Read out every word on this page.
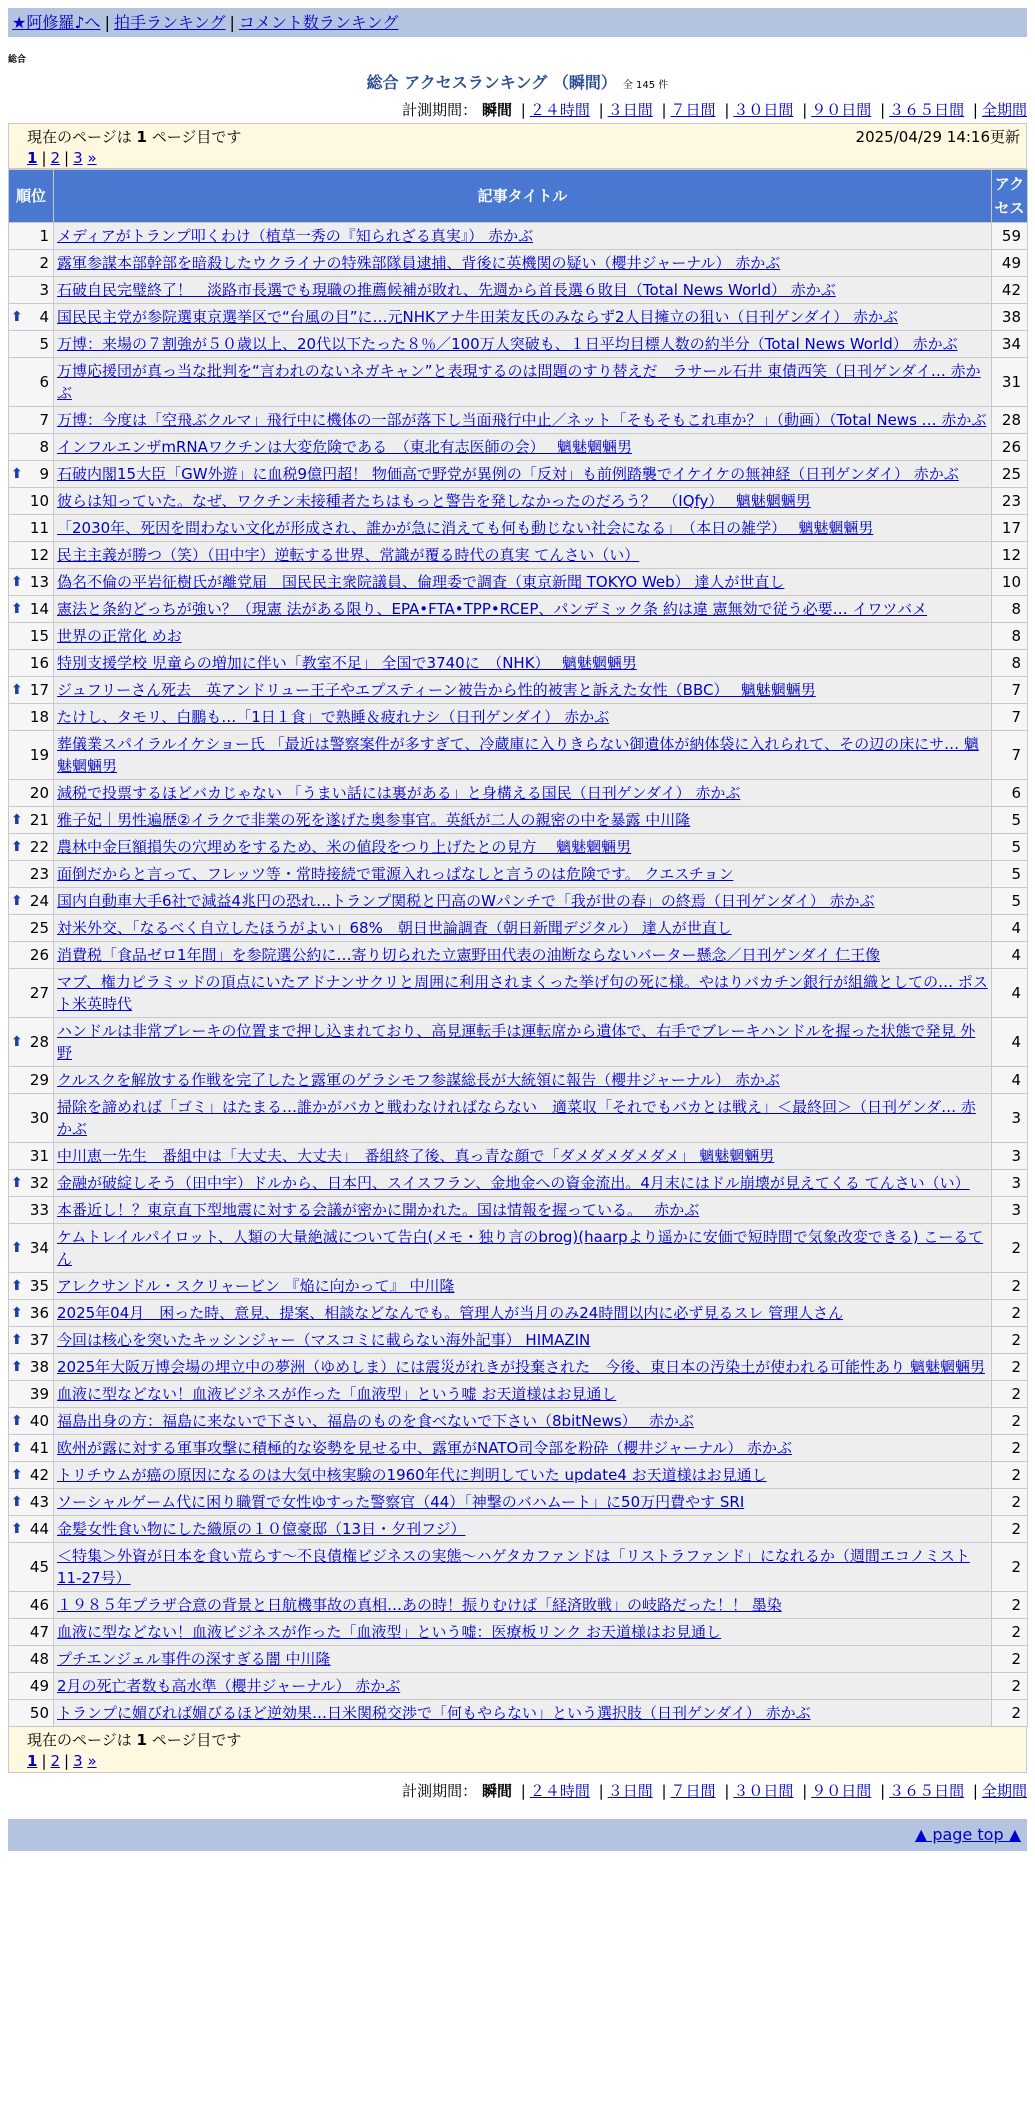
★阿修羅♪へ | 拍手ランキング | コメント数ランキング
総合
総合 アクセスランキング （瞬間） 全 145 件
計測期間： 瞬間 | ２４時間 | ３日間 | ７日間 | ３０日間 | ９０日間 | ３６５日間 | 全期間
現在のページは 1 ページ目です	2025/04/29 14:16更新
1 | 2 | 3 »
順位	記事タイトル	アクセス
1	メディアがトランプ叩くわけ（植草一秀の『知られざる真実』） 赤かぶ	59
2	露軍参謀本部幹部を暗殺したウクライナの特殊部隊員逮捕、背後に英機関の疑い（櫻井ジャーナル） 赤かぶ	49
3	石破自民完璧終了！　淡路市長選でも現職の推薦候補が敗れ、先週から首長選６敗目（Total News World） 赤かぶ	42

⬆ 4	国民民主党が参院選東京選挙区で“台風の目”に…元NHKアナ牛田茉友氏のみならず2人目擁立の狙い（日刊ゲンダイ） 赤かぶ	38
5	万博：来場の７割強が５０歳以上、20代以下たった８％／100万人突破も、１日平均目標人数の約半分（Total News World） 赤かぶ	34
6	万博応援団が真っ当な批判を“言われのないネガキャン”と表現するのは問題のすり替えだ　ラサール石井 東債西笑（日刊ゲンダイ… 赤かぶ	31
7	万博：今度は「空飛ぶクルマ」飛行中に機体の一部が落下し当面飛行中止／ネット「そもそもこれ車か？」（動画）（Total News … 赤かぶ	28
8	インフルエンザmRNAワクチンは大変危険である　（東北有志医師の会）　 魑魅魍魎男	26

⬆ 9	石破内閣15大臣「GW外遊」に血税9億円超！ 物価高で野党が異例の「反対」も前例踏襲でイケイケの無神経（日刊ゲンダイ） 赤かぶ	25
10	彼らは知っていた。なぜ、ワクチン未接種者たちはもっと警告を発しなかったのだろう？　（IQfy）　 魑魅魍魎男	23
11	「2030年、死因を問わない文化が形成され、誰かが急に消えても何も動じない社会になる」　（本日の雑学）　 魑魅魍魎男	17
12	民主主義が勝つ（笑）（田中宇）逆転する世界、常識が覆る時代の真実 てんさい（い）	12

⬆ 13	偽名不倫の平岩征樹氏が離党届　国民民主衆院議員、倫理委で調査（東京新聞 TOKYO Web） 達人が世直し	10

⬆ 14	憲法と条約どっちが強い？（現憲 法がある限り、EPA•FTA•TPP•RCEP、パンデミック条 約は違 憲無効で従う必要… イワツバメ	8
15	世界の正常化 めお	8
16	特別支援学校 児童らの増加に伴い「教室不足」 全国で3740に　（NHK）　 魑魅魍魎男	8

⬆ 17	ジュフリーさん死去　英アンドリュー王子やエプスティーン被告から性的被害と訴えた女性（BBC）　 魑魅魍魎男	7
18	たけし、タモリ、白鵬も…「1日１食」で熟睡＆疲れナシ（日刊ゲンダイ） 赤かぶ	7
19	葬儀業スパイラルイケショー氏 「最近は警察案件が多すぎて、冷蔵庫に入りきらない御遺体が納体袋に入れられて、その辺の床にサ… 魑魅魍魎男	7
20	減税で投票するほどバカじゃない 「うまい話には裏がある」と身構える国民（日刊ゲンダイ） 赤かぶ	6

⬆ 21	雅子妃｜男性遍歴②イラクで非業の死を遂げた奥参事官。英紙が二人の親密の中を暴露 中川隆	5

⬆ 22	農林中金巨額損失の穴埋めをするため、米の値段をつり上げたとの見方　 魑魅魍魎男	5
23	面倒だからと言って、フレッツ等・常時接続で電源入れっぱなしと言うのは危険です。 クエスチョン	5

⬆ 24	国内自動車大手6社で減益4兆円の恐れ…トランプ関税と円高のWパンチで「我が世の春」の終焉（日刊ゲンダイ） 赤かぶ	5
25	対米外交、「なるべく自立したほうがよい」68%　朝日世論調査（朝日新聞デジタル） 達人が世直し	4
26	消費税「食品ゼロ1年間」を参院選公約に…寄り切られた立憲野田代表の油断ならないバーター懸念／日刊ゲンダイ 仁王像	4
27	マブ、権力ピラミッドの頂点にいたアドナンサクリと周囲に利用されまくった挙げ句の死に様。やはりバカチン銀行が組織としての… ポスト米英時代	4

⬆ 28	ハンドルは非常ブレーキの位置まで押し込まれており、高見運転手は運転席から遺体で、右手でブレーキハンドルを握った状態で発見 外野	4
29	クルスクを解放する作戦を完了したと露軍のゲラシモフ参謀総長が大統領に報告（櫻井ジャーナル） 赤かぶ	4
30	掃除を諦めれば「ゴミ」はたまる…誰かがバカと戦わなければならない　適菜収「それでもバカとは戦え」＜最終回＞（日刊ゲンダ… 赤かぶ	3
31	中川恵一先生　番組中は「大丈夫、大丈夫」　番組終了後、真っ青な顔で「ダメダメダメダメ」 魑魅魍魎男	3

⬆ 32	金融が破綻しそう（田中宇）ドルから、日本円、スイスフラン、金地金への資金流出。4月末にはドル崩壊が見えてくる てんさい（い）	3
33	本番近し！？東京直下型地震に対する会議が密かに開かれた。国は情報を握っている。　 赤かぶ	3

⬆ 34	ケムトレイルパイロット、人類の大量絶滅について告白(メモ・独り言のbrog)(haarpより遥かに安価で短時間で気象改変できる) こーるてん	2

⬆ 35	アレクサンドル・スクリャービン 『焔に向かって』 中川隆	2

⬆ 36	2025年04月　困った時、意見、提案、相談などなんでも。管理人が当月のみ24時間以内に必ず見るスレ 管理人さん	2

⬆ 37	今回は核心を突いたキッシンジャー（マスコミに載らない海外記事） HIMAZIN	2

⬆ 38	2025年大阪万博会場の埋立中の夢洲（ゆめしま）には震災がれきが投棄された　今後、東日本の汚染土が使われる可能性あり 魑魅魍魎男	2
39	血液に型などない！血液ビジネスが作った「血液型」という嘘 お天道様はお見通し	2

⬆ 40	福島出身の方：福島に来ないで下さい、福島のものを食べないで下さい（8bitNews）　 赤かぶ	2

⬆ 41	欧州が露に対する軍事攻撃に積極的な姿勢を見せる中、露軍がNATO司令部を粉砕（櫻井ジャーナル） 赤かぶ	2

⬆ 42	トリチウムが癌の原因になるのは大気中核実験の1960年代に判明していた update4 お天道様はお見通し	2

⬆ 43	ソーシャルゲーム代に困り職質で女性ゆすった警察官（44）「神撃のバハムート」に50万円費やす SRI	2

⬆ 44	金髪女性食い物にした織原の１０億豪邸（13日・夕刊フジ）	2
45	＜特集＞外資が日本を食い荒らす～不良債権ビジネスの実態～ハゲタカファンドは「リストラファンド」になれるか（週間エコノミスト11-27号）	2
46	１９８５年プラザ合意の背景と日航機事故の真相…あの時！振りむけば「経済敗戦」の岐路だった！！ 墨染	2
47	血液に型などない！血液ビジネスが作った「血液型」という嘘：医療板リンク お天道様はお見通し	2
48	プチエンジェル事件の深すぎる闇 中川隆	2
49	2月の死亡者数も高水準（櫻井ジャーナル） 赤かぶ	2
50	トランプに媚びれば媚びるほど逆効果…日米関税交渉で「何もやらない」という選択肢（日刊ゲンダイ） 赤かぶ	2
現在のページは 1 ページ目です
1 | 2 | 3 »
計測期間： 瞬間 | ２４時間 | ３日間 | ７日間 | ３０日間 | ９０日間 | ３６５日間 | 全期間
▲ page top ▲
